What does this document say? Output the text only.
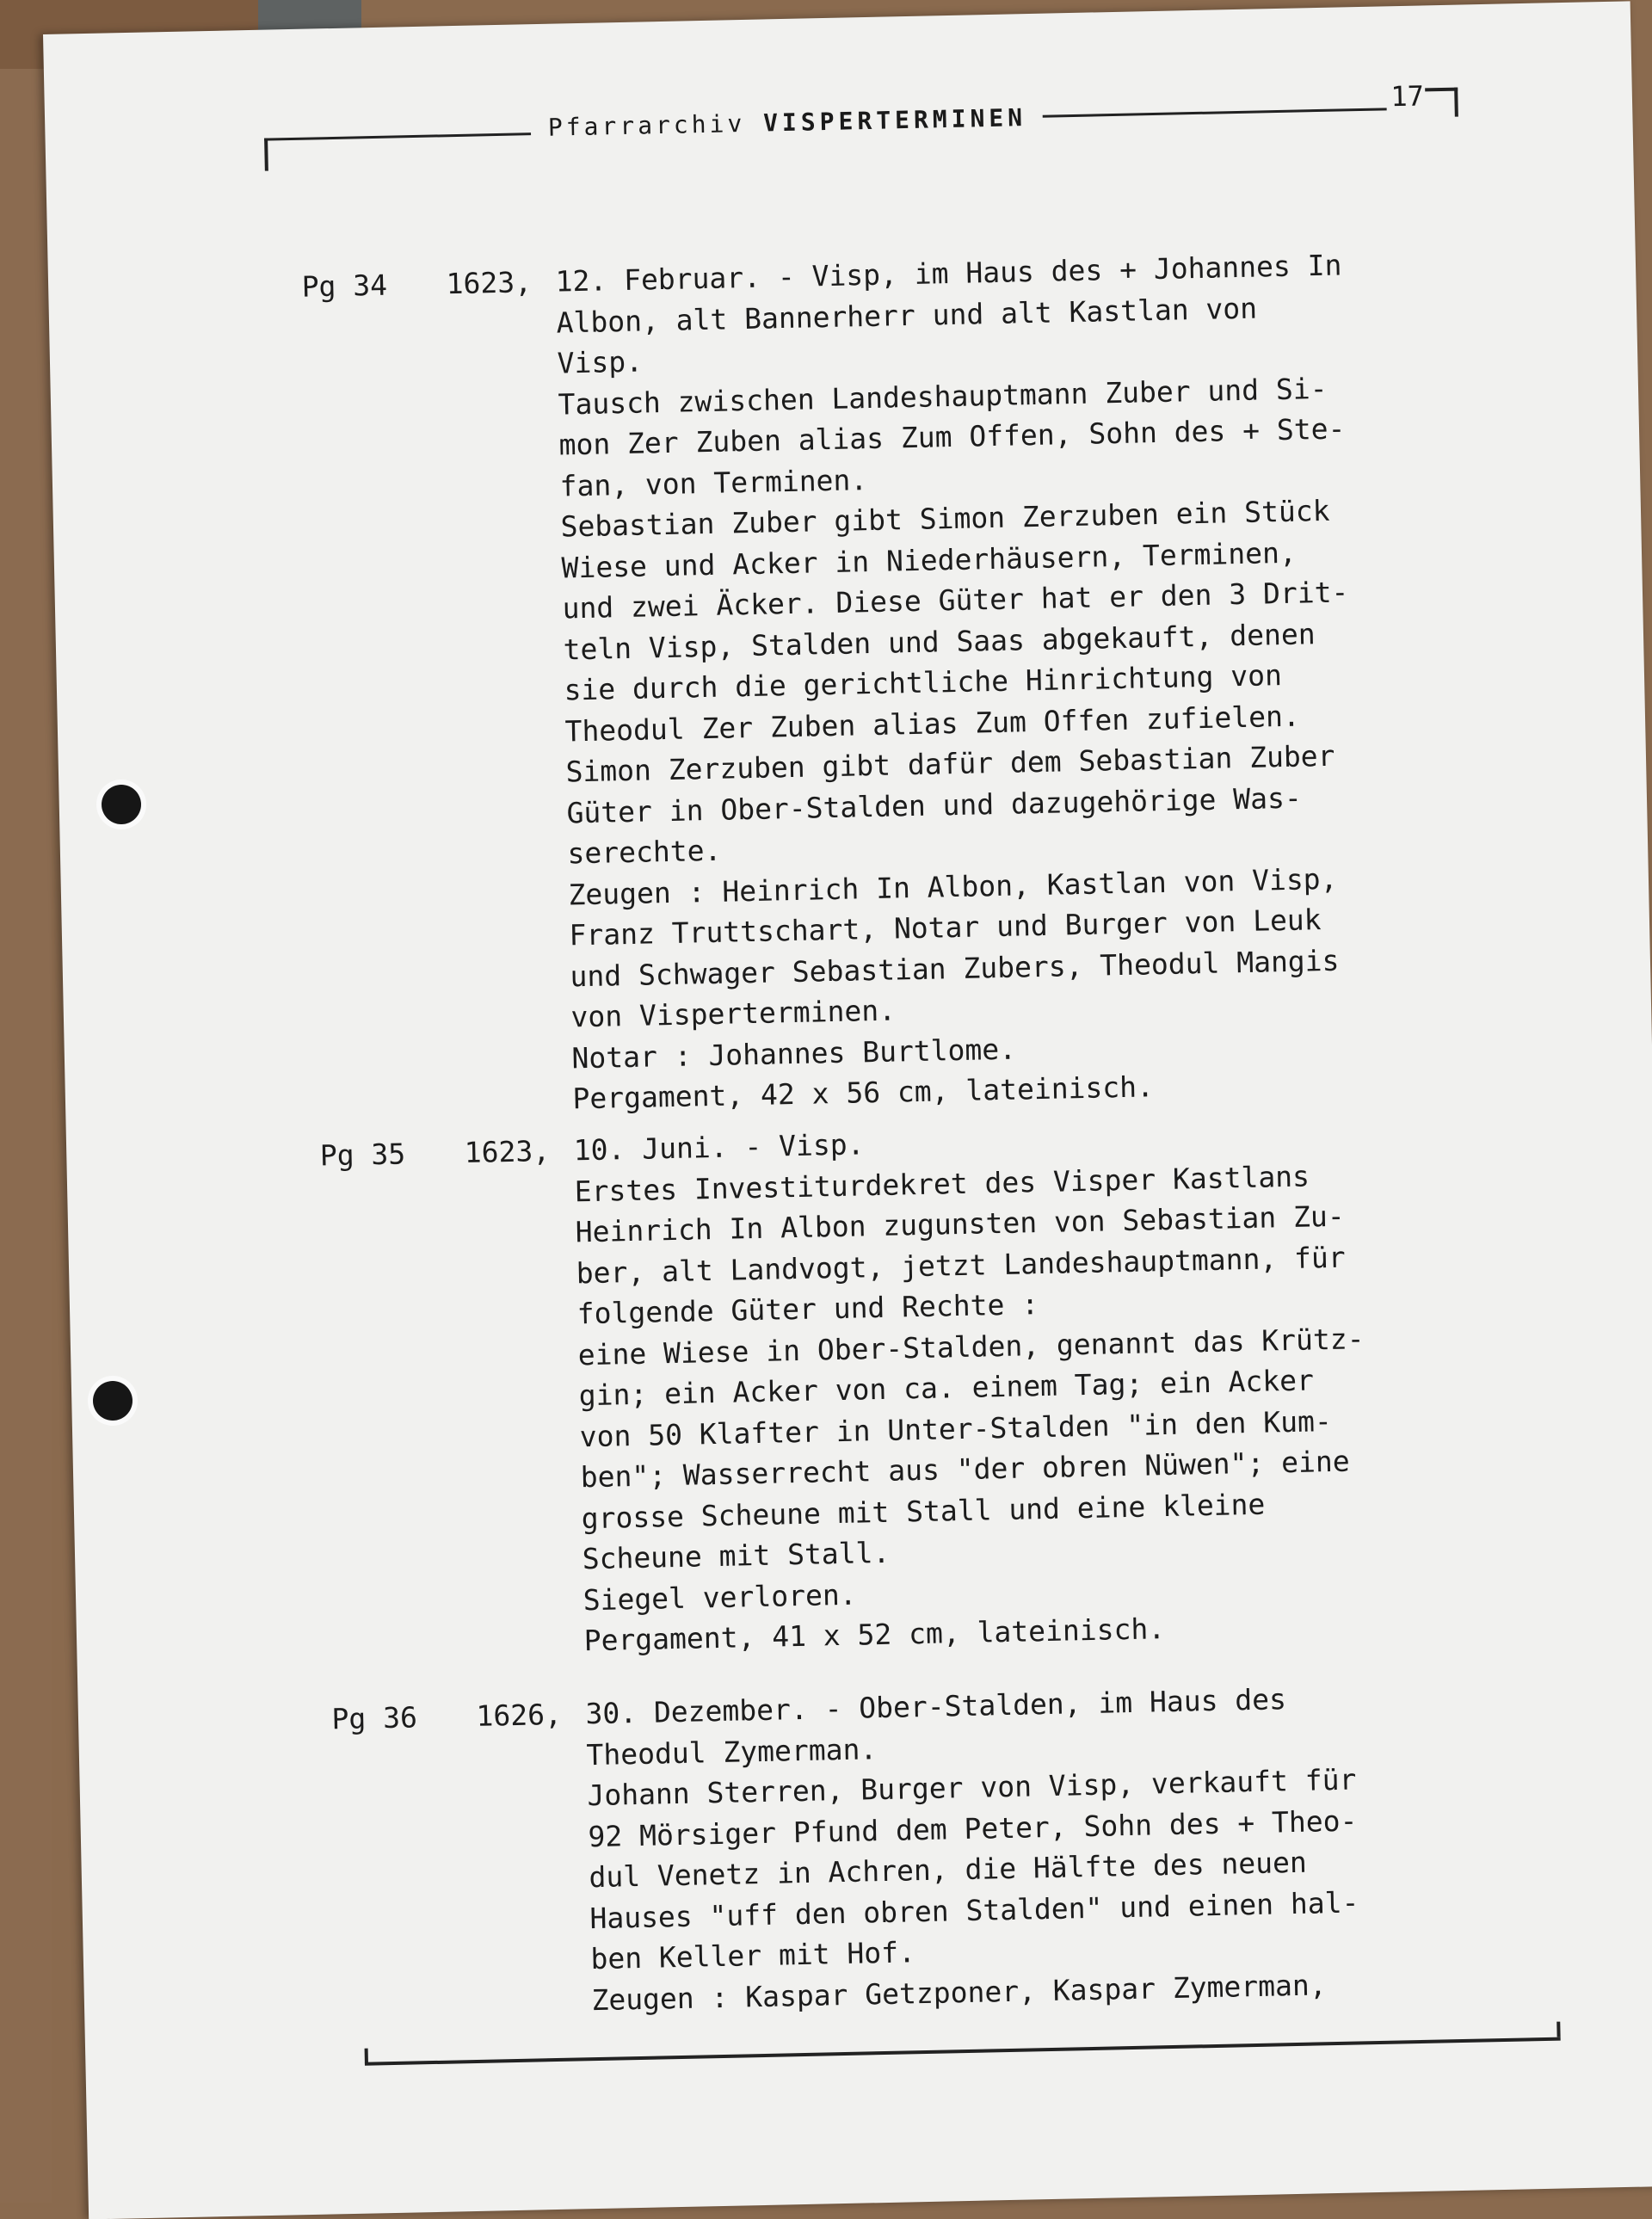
Pfarrarchiv VISPERTERMINEN
17
Pg 34 1623, 12. Februar. - Visp, im Haus des + Johannes In
Albon, alt Bannerherr und alt Kastlan von
Visp.
Tausch zwischen Landeshauptmann Zuber und Si-
mon Zer Zuben alias Zum Offen, Sohn des + Ste-
fan, von Terminen.
Sebastian Zuber gibt Simon Zerzuben ein Stück
Wiese und Acker in Niederhäusern, Terminen,
und zwei Äcker. Diese Güter hat er den 3 Drit-
teln Visp, Stalden und Saas abgekauft, denen
sie durch die gerichtliche Hinrichtung von
Theodul Zer Zuben alias Zum Offen zufielen.
Simon Zerzuben gibt dafür dem Sebastian Zuber
Güter in Ober-Stalden und dazugehörige Was-
serechte.
Zeugen : Heinrich In Albon, Kastlan von Visp,
Franz Truttschart, Notar und Burger von Leuk
und Schwager Sebastian Zubers, Theodul Mangis
von Visperterminen.
Notar : Johannes Burtlome.
Pergament, 42 x 56 cm, lateinisch.
Pg 35 1623, 10. Juni. - Visp.
Erstes Investiturdekret des Visper Kastlans
Heinrich In Albon zugunsten von Sebastian Zu-
ber, alt Landvogt, jetzt Landeshauptmann, für
folgende Güter und Rechte :
eine Wiese in Ober-Stalden, genannt das Krütz-
gin; ein Acker von ca. einem Tag; ein Acker
von 50 Klafter in Unter-Stalden "in den Kum-
ben"; Wasserrecht aus "der obren Nüwen"; eine
grosse Scheune mit Stall und eine kleine
Scheune mit Stall.
Siegel verloren.
Pergament, 41 x 52 cm, lateinisch.
Pg 36 1626, 30. Dezember. - Ober-Stalden, im Haus des
Theodul Zymerman.
Johann Sterren, Burger von Visp, verkauft für
92 Mörsiger Pfund dem Peter, Sohn des + Theo-
dul Venetz in Achren, die Hälfte des neuen
Hauses "uff den obren Stalden" und einen hal-
ben Keller mit Hof.
Zeugen : Kaspar Getzponer, Kaspar Zymerman,
